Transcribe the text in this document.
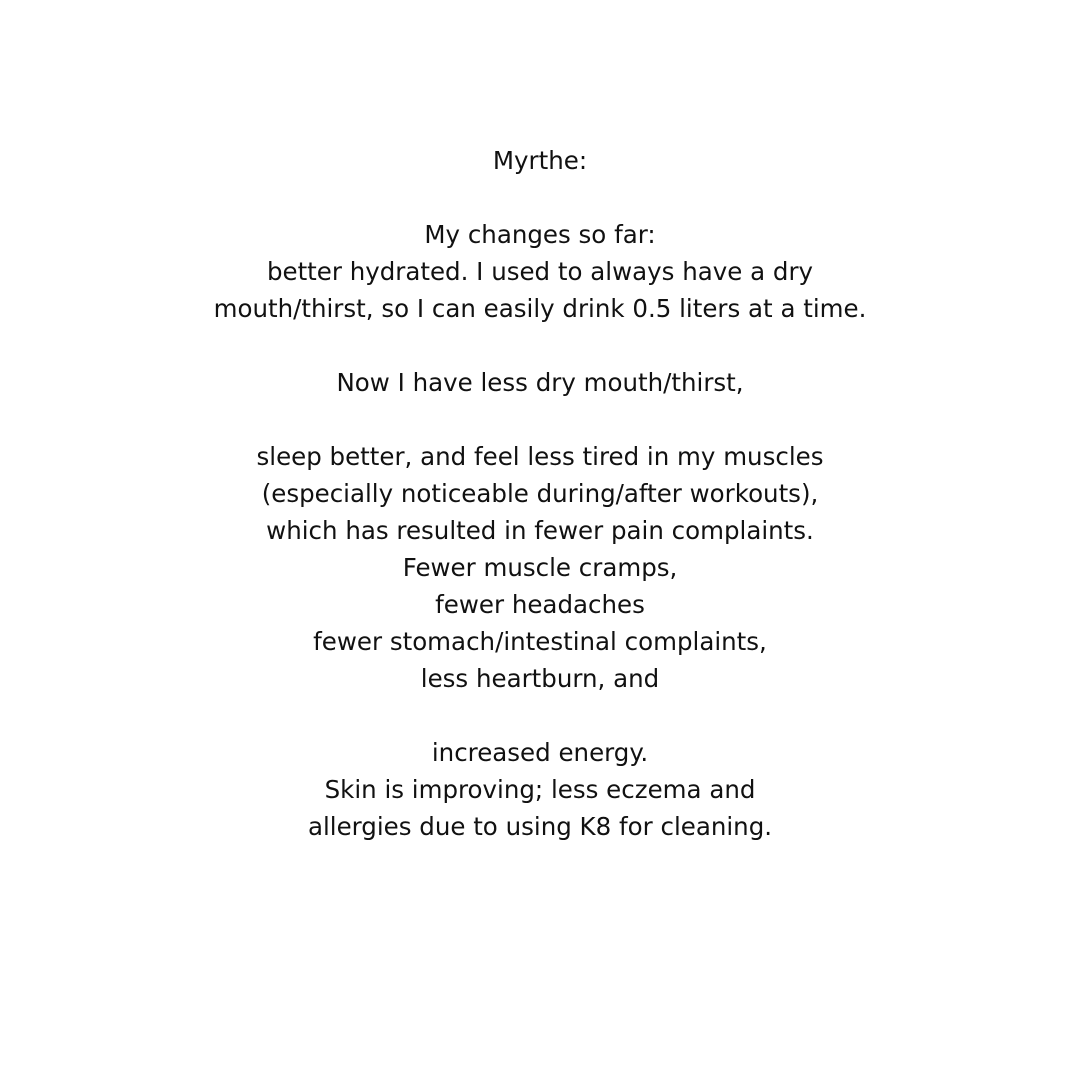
Myrthe:
My changes so far:
better hydrated. I used to always have a dry
mouth/thirst, so I can easily drink 0.5 liters at a time.
Now I have less dry mouth/thirst,
sleep better, and feel less tired in my muscles
(especially noticeable during/after workouts),
which has resulted in fewer pain complaints.
Fewer muscle cramps,
fewer headaches
fewer stomach/intestinal complaints,
less heartburn, and
increased energy.
Skin is improving; less eczema and
allergies due to using K8 for cleaning.
